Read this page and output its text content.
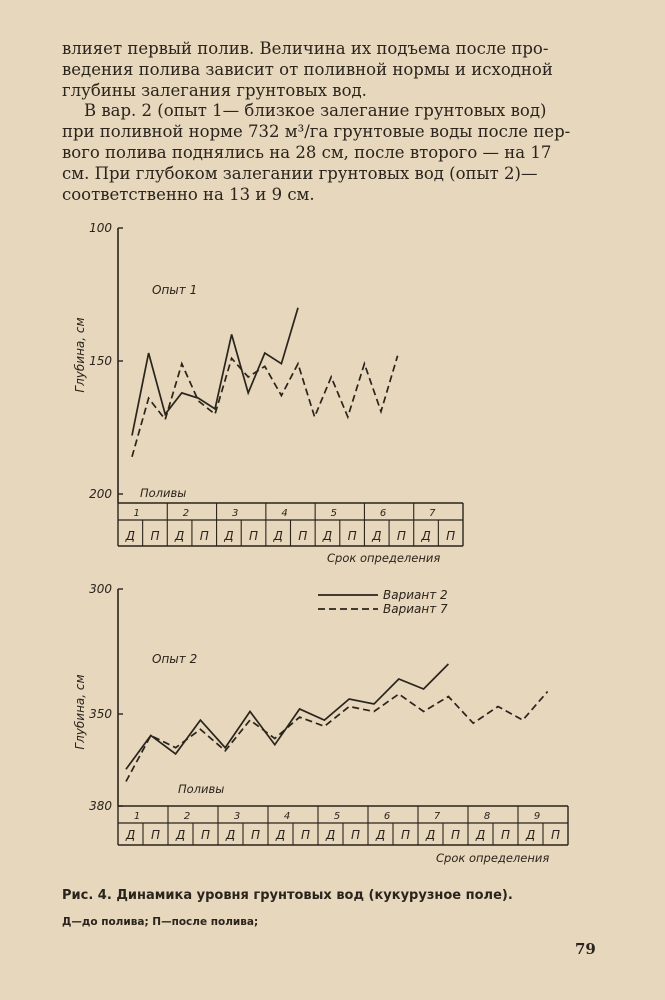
влияет первый полив. Величина их подъема после про-
ведения полива зависит от поливной нормы и исходной
глубины залегания грунтовых вод.
В вар. 2 (опыт 1— близкое залегание грунтовых вод)
при поливной норме 732 м³/га грунтовые воды после пер-
вого полива поднялись на 28 см, после второго — на 17
см. При глубоком залегании грунтовых вод (опыт 2)—
соответственно на 13 и 9 см.
100
150
200
Глубина, см
Опыт 1
Поливы
Д П Д П Д П Д П Д П Д П Д П
1	2	3	4	5	6	7
Срок определения
300
350
380
Глубина, см
Опыт 2
Поливы
Д П Д П Д П Д П Д П Д П Д П Д П Д П
1	2	3	4	5	6	7	8	9
Срок определения
Вариант 2
Вариант 7
Рис. 4. Динамика уровня грунтовых вод (кукурузное поле).
Д—до полива; П—после полива;
79
